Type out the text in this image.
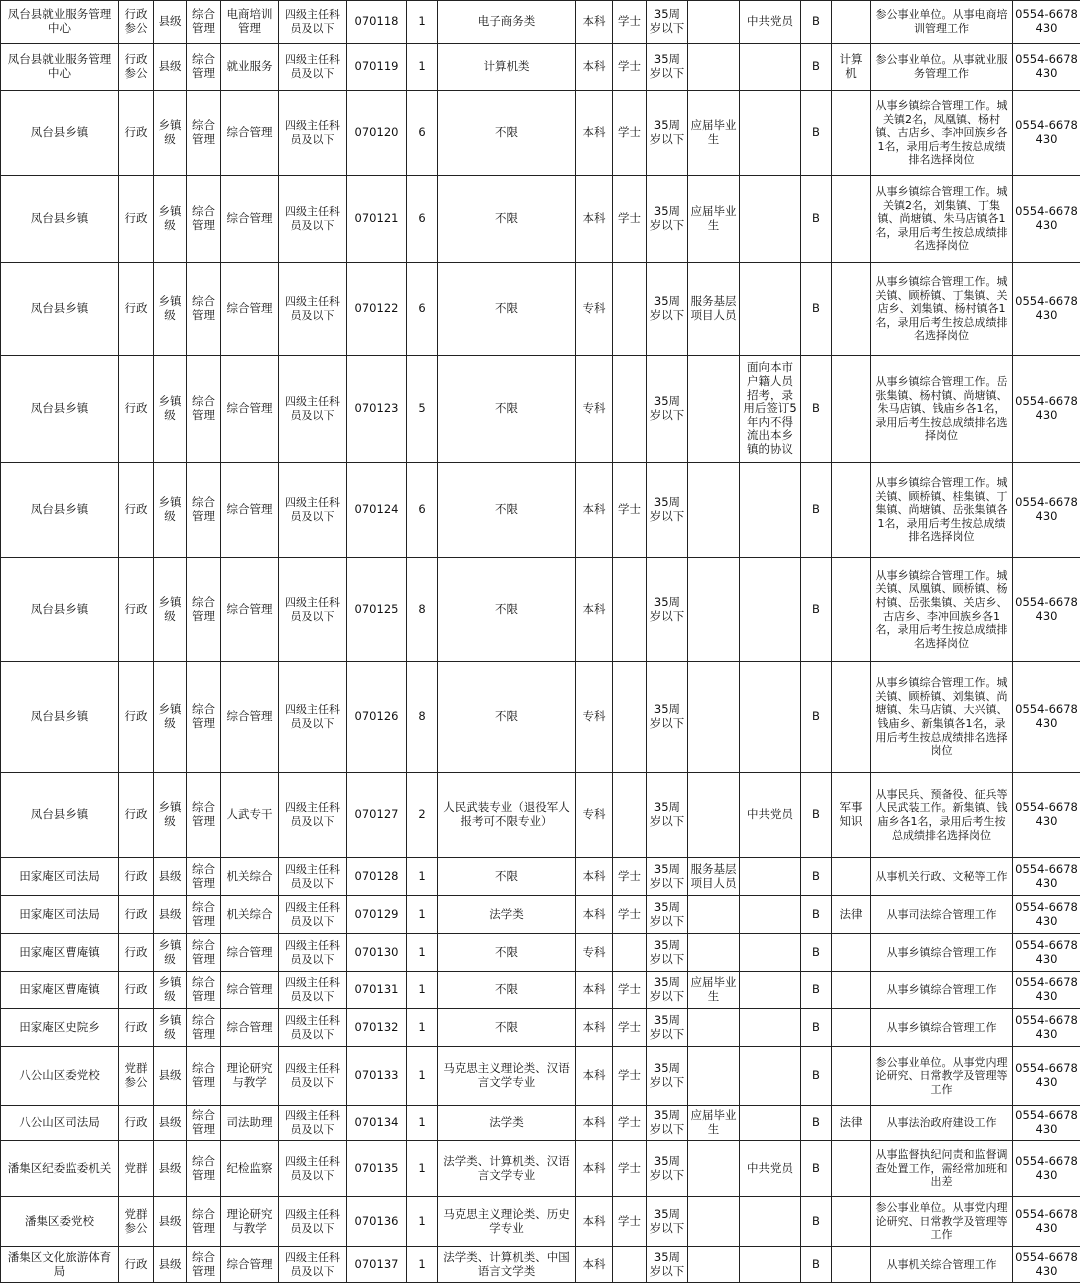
凤台县就业服务管理中心	行政参公	县级	综合管理	电商培训管理	四级主任科员及以下	070118	1	电子商务类	本科	学士	35周岁以下		中共党员	B		参公事业单位。从事电商培训管理工作	0554-6678430
凤台县就业服务管理中心	行政参公	县级	综合管理	就业服务	四级主任科员及以下	070119	1	计算机类	本科	学士	35周岁以下			B	计算机	参公事业单位。从事就业服务管理工作	0554-6678430
凤台县乡镇	行政	乡镇级	综合管理	综合管理	四级主任科员及以下	070120	6	不限	本科	学士	35周岁以下	应届毕业生		B		从事乡镇综合管理工作。城关镇2名，凤凰镇、杨村镇、古店乡、李冲回族乡各1名，录用后考生按总成绩排名选择岗位	0554-6678430
凤台县乡镇	行政	乡镇级	综合管理	综合管理	四级主任科员及以下	070121	6	不限	本科	学士	35周岁以下	应届毕业生		B		从事乡镇综合管理工作。城关镇2名，刘集镇、丁集镇、尚塘镇、朱马店镇各1名，录用后考生按总成绩排名选择岗位	0554-6678430
凤台县乡镇	行政	乡镇级	综合管理	综合管理	四级主任科员及以下	070122	6	不限	专科		35周岁以下	服务基层项目人员		B		从事乡镇综合管理工作。城关镇、顾桥镇、丁集镇、关店乡、刘集镇、杨村镇各1名，录用后考生按总成绩排名选择岗位	0554-6678430
凤台县乡镇	行政	乡镇级	综合管理	综合管理	四级主任科员及以下	070123	5	不限	专科		35周岁以下		面向本市户籍人员招考，录用后签订5年内不得流出本乡镇的协议	B		从事乡镇综合管理工作。岳张集镇、杨村镇、尚塘镇、朱马店镇、钱庙乡各1名，录用后考生按总成绩排名选择岗位	0554-6678430
凤台县乡镇	行政	乡镇级	综合管理	综合管理	四级主任科员及以下	070124	6	不限	本科	学士	35周岁以下			B		从事乡镇综合管理工作。城关镇、顾桥镇、桂集镇、丁集镇、尚塘镇、岳张集镇各1名，录用后考生按总成绩排名选择岗位	0554-6678430
凤台县乡镇	行政	乡镇级	综合管理	综合管理	四级主任科员及以下	070125	8	不限	本科		35周岁以下			B		从事乡镇综合管理工作。城关镇、凤凰镇、顾桥镇、杨村镇、岳张集镇、关店乡、古店乡、李冲回族乡各1名，录用后考生按总成绩排名选择岗位	0554-6678430
凤台县乡镇	行政	乡镇级	综合管理	综合管理	四级主任科员及以下	070126	8	不限	专科		35周岁以下			B		从事乡镇综合管理工作。城关镇、顾桥镇、刘集镇、尚塘镇、朱马店镇、大兴镇、钱庙乡、新集镇各1名，录用后考生按总成绩排名选择岗位	0554-6678430
凤台县乡镇	行政	乡镇级	综合管理	人武专干	四级主任科员及以下	070127	2	人民武装专业（退役军人报考可不限专业）	专科		35周岁以下		中共党员	B	军事知识	从事民兵、预备役、征兵等人民武装工作。新集镇、钱庙乡各1名，录用后考生按总成绩排名选择岗位	0554-6678430
田家庵区司法局	行政	县级	综合管理	机关综合	四级主任科员及以下	070128	1	不限	本科	学士	35周岁以下	服务基层项目人员		B		从事机关行政、文秘等工作	0554-6678430
田家庵区司法局	行政	县级	综合管理	机关综合	四级主任科员及以下	070129	1	法学类	本科	学士	35周岁以下			B	法律	从事司法综合管理工作	0554-6678430
田家庵区曹庵镇	行政	乡镇级	综合管理	综合管理	四级主任科员及以下	070130	1	不限	专科		35周岁以下			B		从事乡镇综合管理工作	0554-6678430
田家庵区曹庵镇	行政	乡镇级	综合管理	综合管理	四级主任科员及以下	070131	1	不限	本科	学士	35周岁以下	应届毕业生		B		从事乡镇综合管理工作	0554-6678430
田家庵区史院乡	行政	乡镇级	综合管理	综合管理	四级主任科员及以下	070132	1	不限	本科	学士	35周岁以下			B		从事乡镇综合管理工作	0554-6678430
八公山区委党校	党群参公	县级	综合管理	理论研究与教学	四级主任科员及以下	070133	1	马克思主义理论类、汉语言文学专业	本科	学士	35周岁以下			B		参公事业单位。从事党内理论研究、日常教学及管理等工作	0554-6678430
八公山区司法局	行政	县级	综合管理	司法助理	四级主任科员及以下	070134	1	法学类	本科	学士	35周岁以下	应届毕业生		B	法律	从事法治政府建设工作	0554-6678430
潘集区纪委监委机关	党群	县级	综合管理	纪检监察	四级主任科员及以下	070135	1	法学类、计算机类、汉语言文学专业	本科	学士	35周岁以下		中共党员	B		从事监督执纪问责和监督调查处置工作，需经常加班和出差	0554-6678430
潘集区委党校	党群参公	县级	综合管理	理论研究与教学	四级主任科员及以下	070136	1	马克思主义理论类、历史学专业	本科	学士	35周岁以下			B		参公事业单位。从事党内理论研究、日常教学及管理等工作	0554-6678430
潘集区文化旅游体育局	行政	县级	综合管理	综合管理	四级主任科员及以下	070137	1	法学类、计算机类、中国语言文学类	本科		35周岁以下			B		从事机关综合管理工作	0554-6678430
